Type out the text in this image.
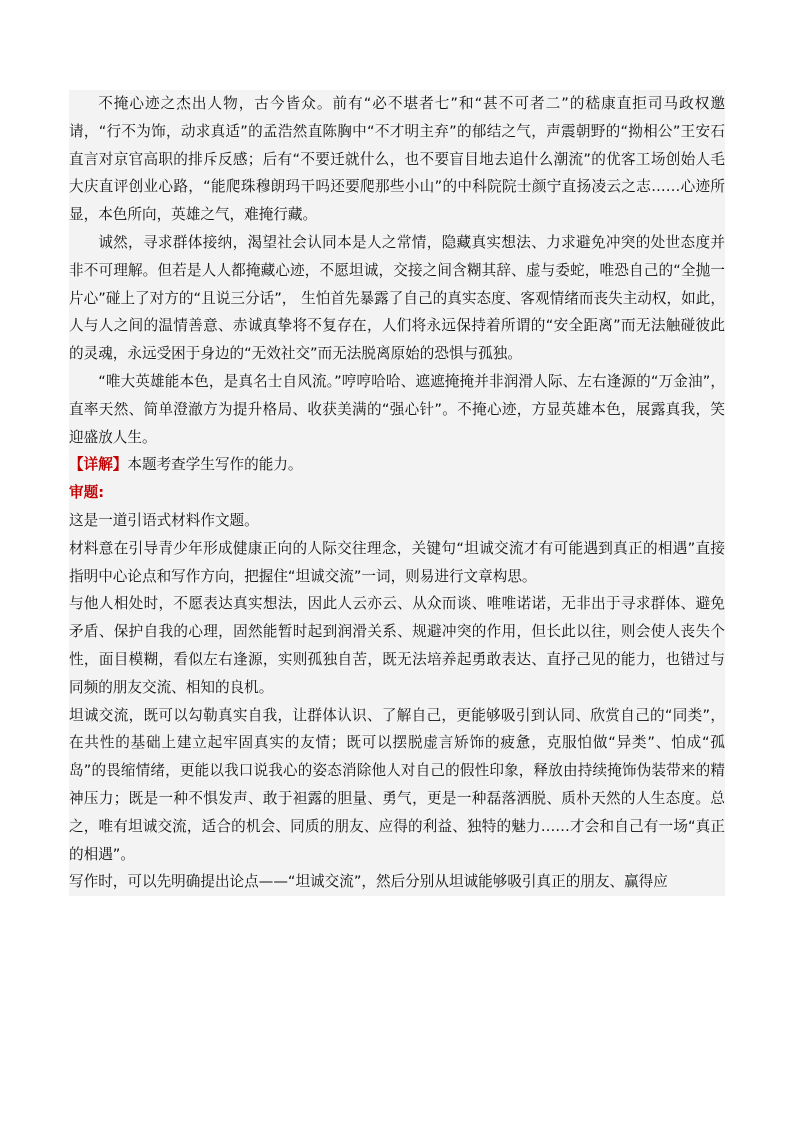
不掩心迹之杰出人物，古今皆众。前有“必不堪者七”和“甚不可者二”的嵇康直拒司马政权邀请，“行不为饰，动求真适”的孟浩然直陈胸中“不才明主弃”的郁结之气，声震朝野的“拗相公”王安石直言对京官高职的排斥反感；后有“不要迁就什么，也不要盲目地去追什么潮流”的优客工场创始人毛大庆直评创业心路，“能爬珠穆朗玛干吗还要爬那些小山”的中科院院士颜宁直扬凌云之志……心迹所显，本色所向，英雄之气，难掩行藏。

诚然，寻求群体接纳，渴望社会认同本是人之常情，隐藏真实想法、力求避免冲突的处世态度并非不可理解。但若是人人都掩藏心迹，不愿坦诚，交接之间含糊其辞、虚与委蛇，唯恐自己的“全抛一片心”碰上了对方的“且说三分话”， 生怕首先暴露了自己的真实态度、客观情绪而丧失主动权，如此，人与人之间的温情善意、赤诚真挚将不复存在，人们将永远保持着所谓的“安全距离”而无法触碰彼此的灵魂，永远受困于身边的“无效社交”而无法脱离原始的恐惧与孤独。

“唯大英雄能本色，是真名士自风流。”哼哼哈哈、遮遮掩掩并非润滑人际、左右逢源的“万金油”，直率天然、简单澄澈方为提升格局、收获美满的“强心针”。不掩心迹，方显英雄本色，展露真我，笑迎盛放人生。

【详解】本题考查学生写作的能力。

审题:

这是一道引语式材料作文题。

材料意在引导青少年形成健康正向的人际交往理念，关键句“坦诚交流才有可能遇到真正的相遇”直接指明中心论点和写作方向，把握住“坦诚交流”一词，则易进行文章构思。

与他人相处时，不愿表达真实想法，因此人云亦云、从众而谈、唯唯诺诺，无非出于寻求群体、避免矛盾、保护自我的心理，固然能暂时起到润滑关系、规避冲突的作用，但长此以往，则会使人丧失个性，面目模糊，看似左右逢源，实则孤独自苦，既无法培养起勇敢表达、直抒己见的能力，也错过与同频的朋友交流、相知的良机。

坦诚交流，既可以勾勒真实自我，让群体认识、了解自己，更能够吸引到认同、欣赏自己的“同类”，在共性的基础上建立起牢固真实的友情；既可以摆脱虚言矫饰的疲惫，克服怕做“异类”、怕成“孤岛”的畏缩情绪，更能以我口说我心的姿态消除他人对自己的假性印象，释放由持续掩饰伪装带来的精神压力；既是一种不惧发声、敢于袒露的胆量、勇气，更是一种磊落洒脱、质朴天然的人生态度。总之，唯有坦诚交流，适合的机会、同质的朋友、应得的利益、独特的魅力……才会和自己有一场“真正的相遇”。

写作时，可以先明确提出论点——“坦诚交流”，然后分别从坦诚能够吸引真正的朋友、赢得应
